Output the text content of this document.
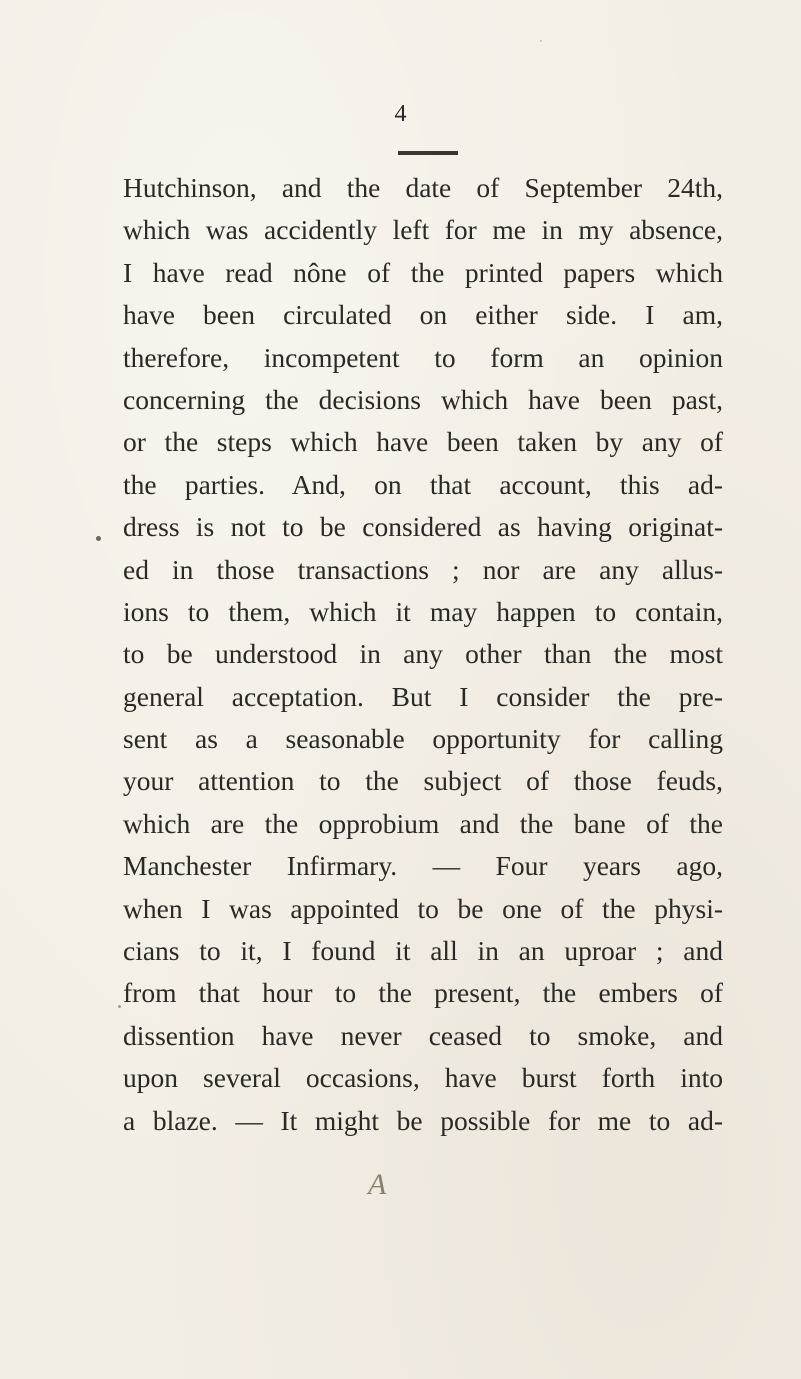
4
Hutchinson, and the date of September 24th,
which was accidently left for me in my absence,
I have read nône of the printed papers which
have been circulated on either side. I am,
therefore, incompetent to form an opinion
concerning the decisions which have been past,
or the steps which have been taken by any of
the parties. And, on that account, this ad-
dress is not to be considered as having originat-
ed in those transactions ; nor are any allus-
ions to them, which it may happen to contain,
to be understood in any other than the most
general acceptation. But I consider the pre-
sent as a seasonable opportunity for calling
your attention to the subject of those feuds,
which are the opprobium and the bane of the
Manchester Infirmary. — Four years ago,
when I was appointed to be one of the physi-
cians to it, I found it all in an uproar ; and
from that hour to the present, the embers of
dissention have never ceased to smoke, and
upon several occasions, have burst forth into
a blaze. — It might be possible for me to ad-
A
